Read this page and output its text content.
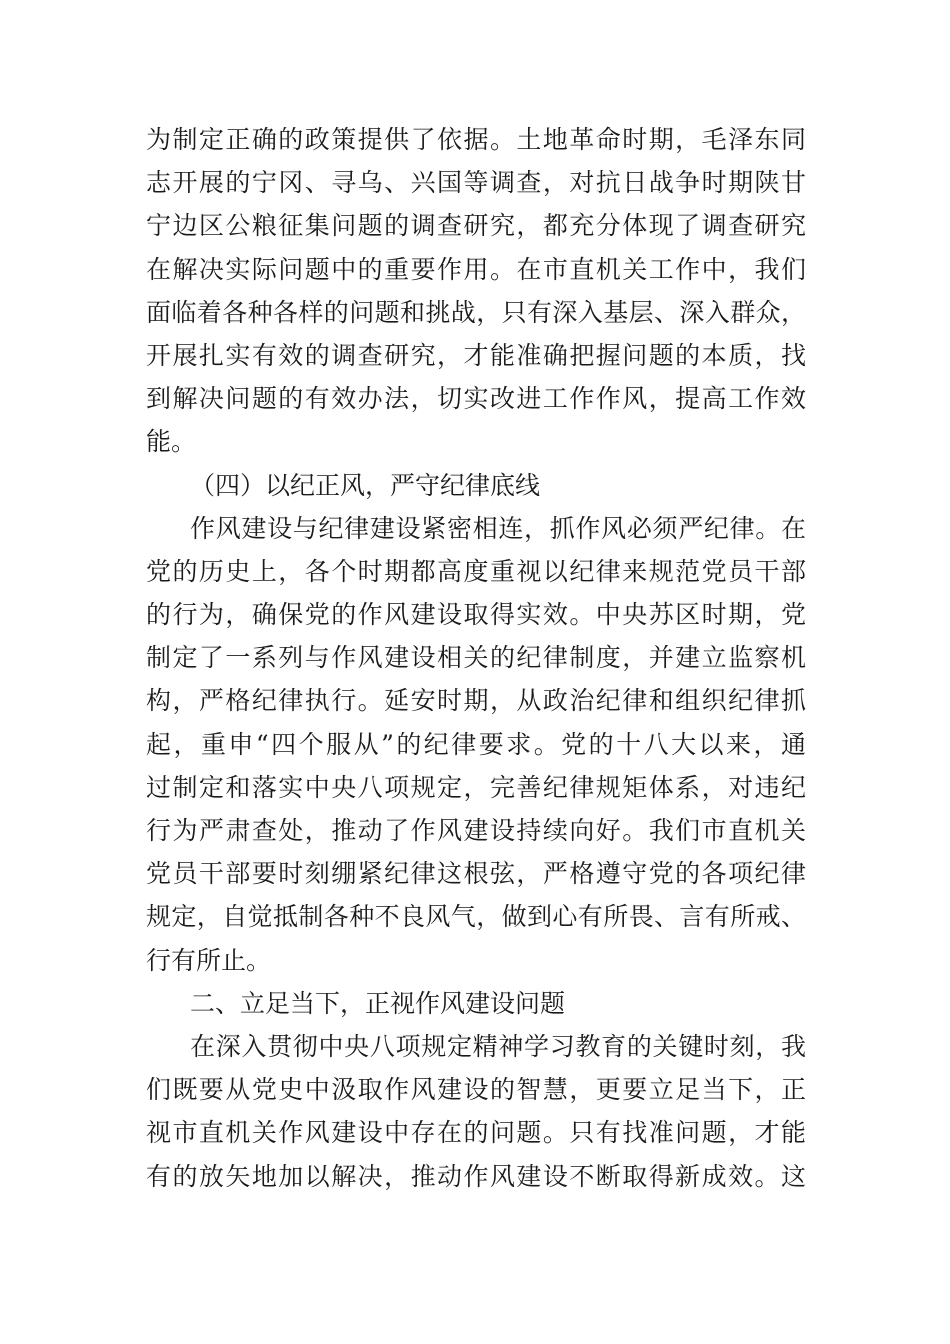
为制定正确的政策提供了依据。土地革命时期，毛泽东同
志开展的宁冈、寻乌、兴国等调查，对抗日战争时期陕甘
宁边区公粮征集问题的调查研究，都充分体现了调查研究
在解决实际问题中的重要作用。在市直机关工作中，我们
面临着各种各样的问题和挑战，只有深入基层、深入群众，
开展扎实有效的调查研究，才能准确把握问题的本质，找
到解决问题的有效办法，切实改进工作作风，提高工作效
能。
（四）以纪正风，严守纪律底线
作风建设与纪律建设紧密相连，抓作风必须严纪律。在
党的历史上，各个时期都高度重视以纪律来规范党员干部
的行为，确保党的作风建设取得实效。中央苏区时期，党
制定了一系列与作风建设相关的纪律制度，并建立监察机
构，严格纪律执行。延安时期，从政治纪律和组织纪律抓
起，重申“四个服从”的纪律要求。党的十八大以来，通
过制定和落实中央八项规定，完善纪律规矩体系，对违纪
行为严肃查处，推动了作风建设持续向好。我们市直机关
党员干部要时刻绷紧纪律这根弦，严格遵守党的各项纪律
规定，自觉抵制各种不良风气，做到心有所畏、言有所戒、
行有所止。
二、立足当下，正视作风建设问题
在深入贯彻中央八项规定精神学习教育的关键时刻，我
们既要从党史中汲取作风建设的智慧，更要立足当下，正
视市直机关作风建设中存在的问题。只有找准问题，才能
有的放矢地加以解决，推动作风建设不断取得新成效。这
